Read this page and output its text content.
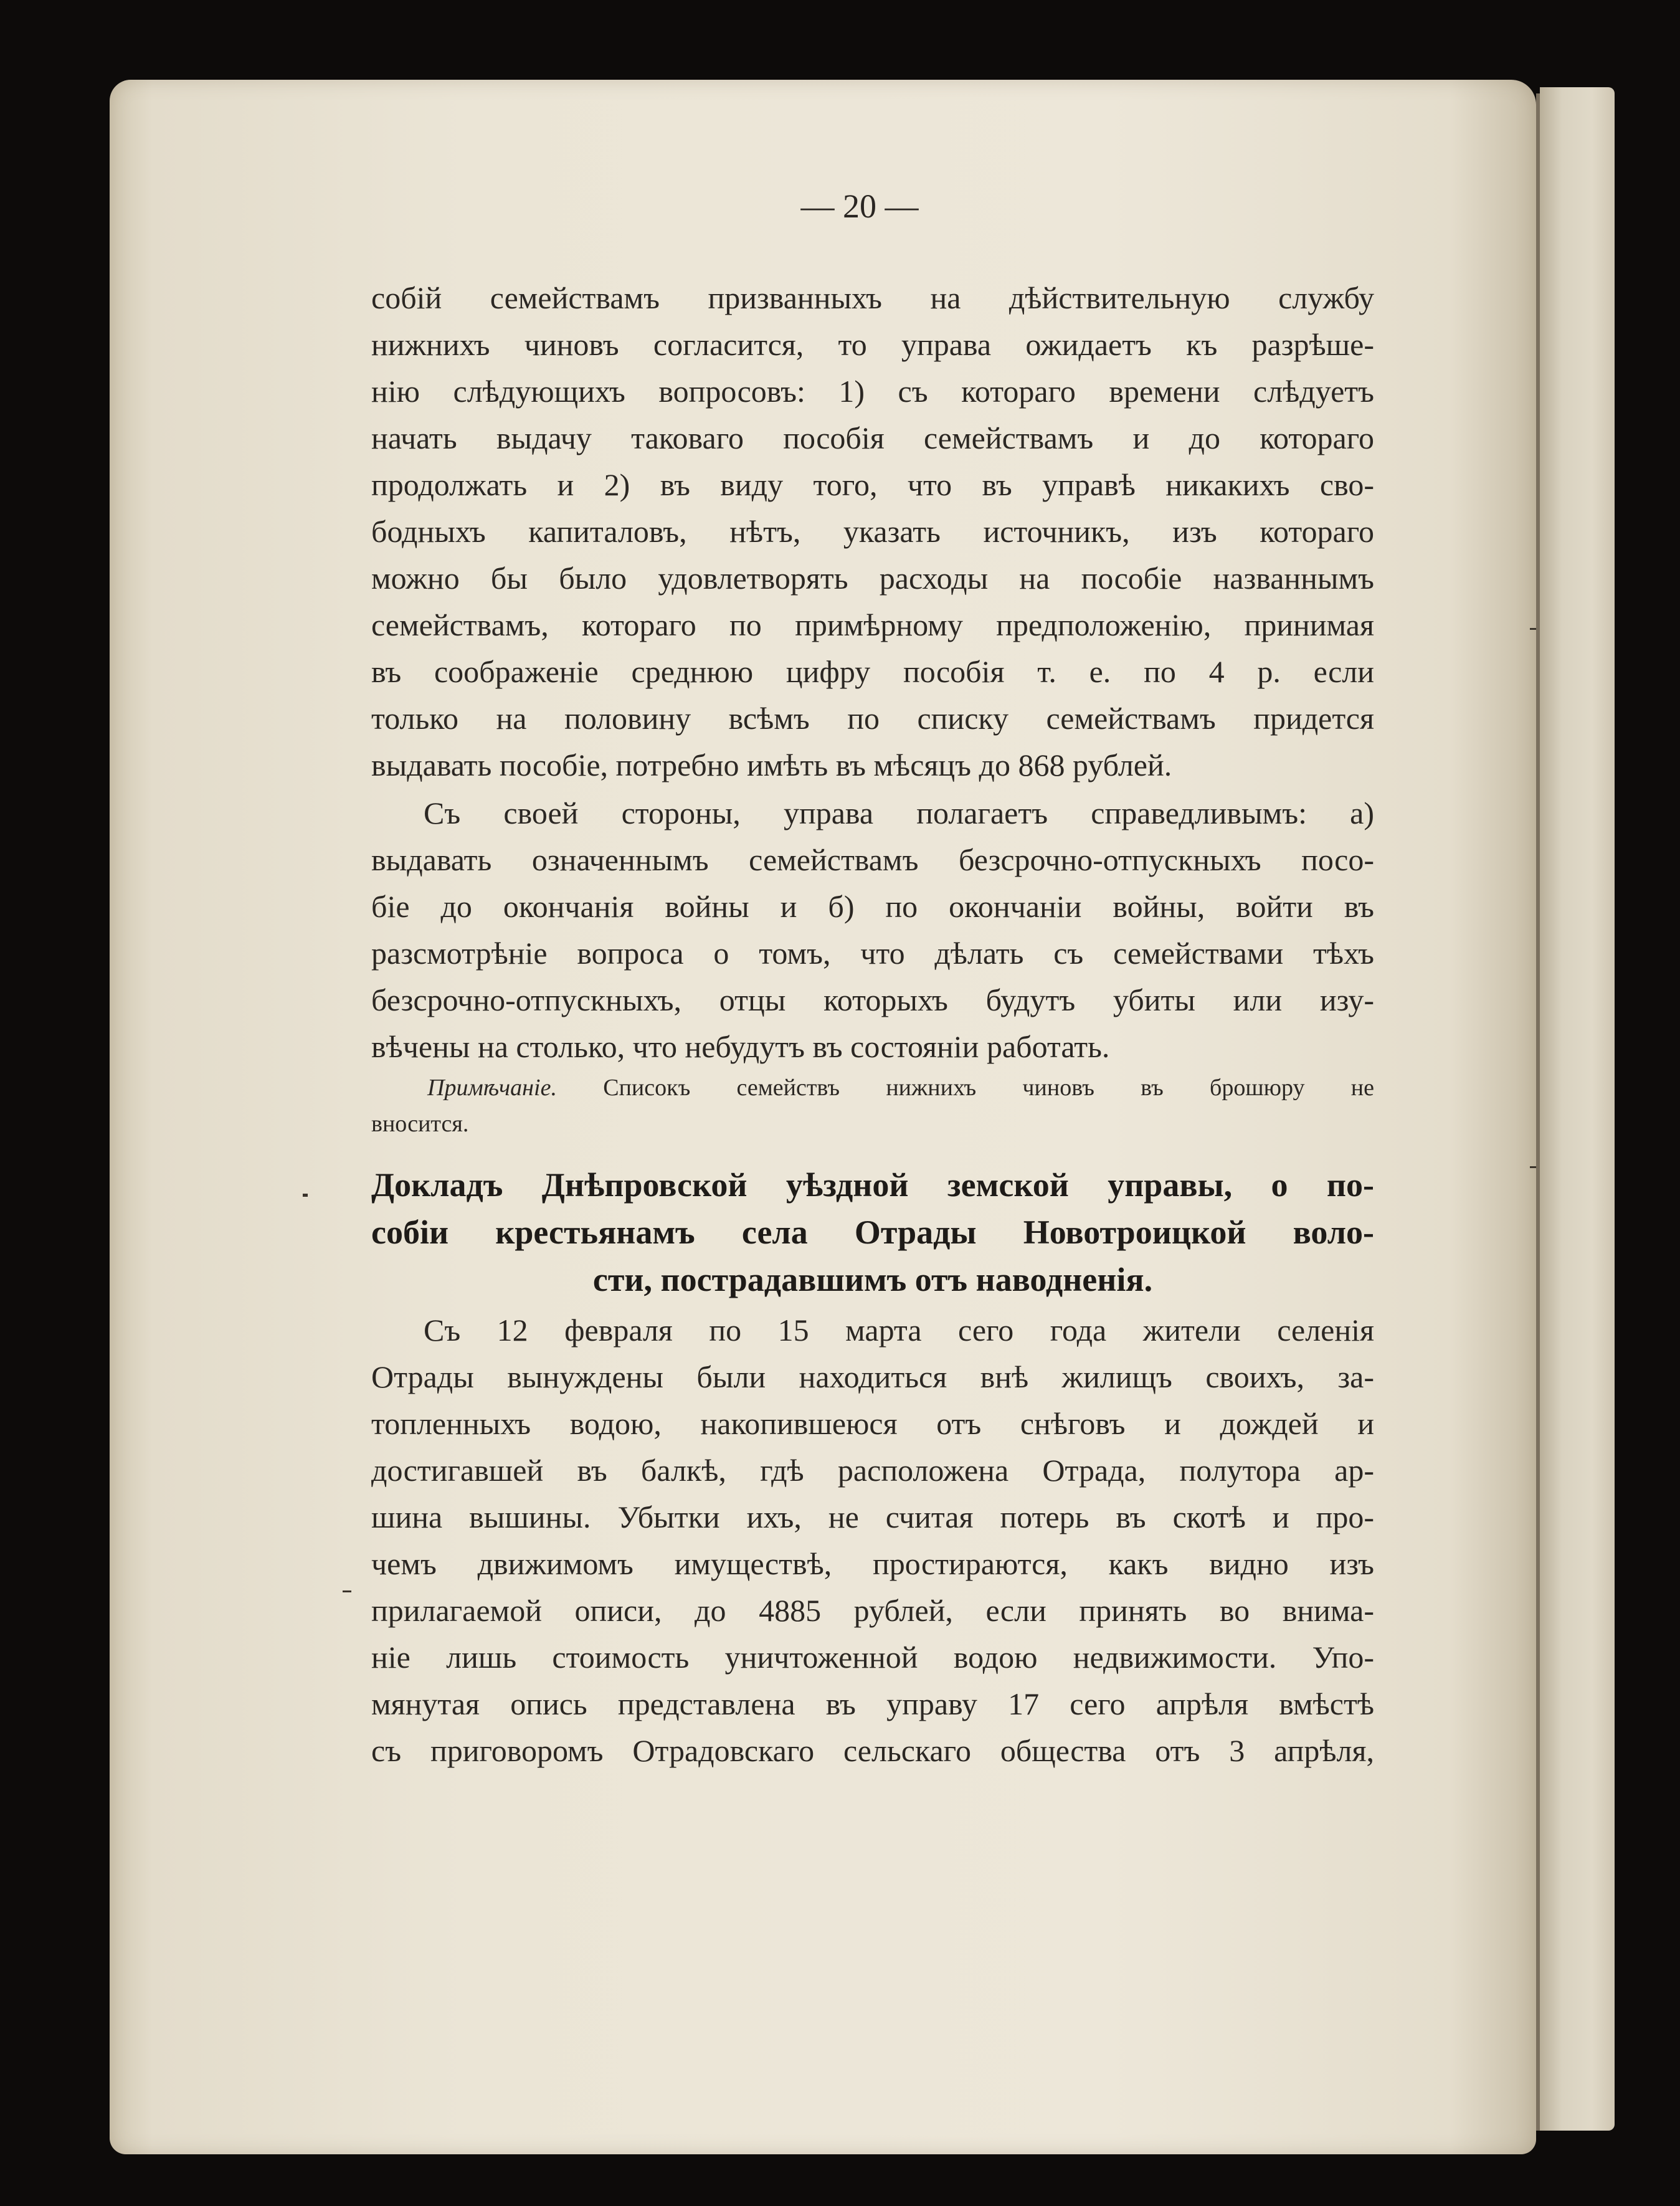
— 20 —
собій семействамъ призванныхъ на дѣйствительную службу
нижнихъ чиновъ согласится, то управа ожидаетъ къ разрѣше-
нію слѣдующихъ вопросовъ: 1) съ котораго времени слѣдуетъ
начать выдачу таковаго пособія семействамъ и до котораго
продолжать и 2) въ виду того, что въ управѣ никакихъ сво-
бодныхъ капиталовъ, нѣтъ, указать источникъ, изъ котораго
можно бы было удовлетворять расходы на пособіе названнымъ
семействамъ, котораго по примѣрному предположенію, принимая
въ соображеніе среднюю цифру пособія т. е. по 4 р. если
только на половину всѣмъ по списку семействамъ придется
выдавать пособіе, потребно имѣть въ мѣсяцъ до 868 рублей.
Съ своей стороны, управа полагаетъ справедливымъ: а)
выдавать означеннымъ семействамъ безсрочно-отпускныхъ посо-
біе до окончанія войны и б) по окончаніи войны, войти въ
разсмотрѣніе вопроса о томъ, что дѣлать съ семействами тѣхъ
безсрочно-отпускныхъ, отцы которыхъ будутъ убиты или изу-
вѣчены на столько, что небудутъ въ состояніи работать.
Примѣчаніе. Списокъ семействъ нижнихъ чиновъ въ брошюру не
вносится.
Докладъ Днѣпровской уѣздной земской управы, о по-
собіи крестьянамъ села Отрады Новотроицкой воло-
сти, пострадавшимъ отъ наводненія.
Съ 12 февраля по 15 марта сего года жители селенія
Отрады вынуждены были находиться внѣ жилищъ своихъ, за-
топленныхъ водою, накопившеюся отъ снѣговъ и дождей и
достигавшей въ балкѣ, гдѣ расположена Отрада, полутора ар-
шина вышины. Убытки ихъ, не считая потерь въ скотѣ и про-
чемъ движимомъ имуществѣ, простираются, какъ видно изъ
прилагаемой описи, до 4885 рублей, если принять во внима-
ніе лишь стоимость уничтоженной водою недвижимости. Упо-
мянутая опись представлена въ управу 17 сего апрѣля вмѣстѣ
съ приговоромъ Отрадовскаго сельскаго общества отъ 3 апрѣля,
